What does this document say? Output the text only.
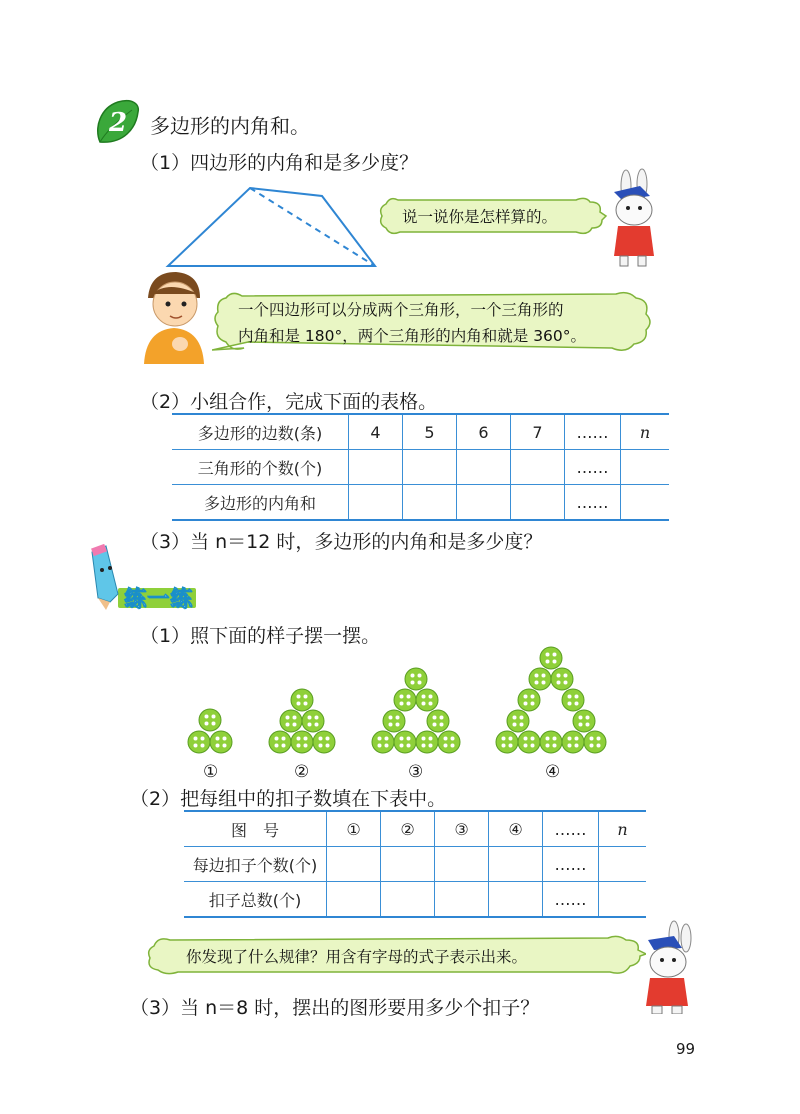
2 多边形的内角和。
（1）四边形的内角和是多少度？
说一说你是怎样算的。
一个四边形可以分成两个三角形，一个三角形的
内角和是 180°，两个三角形的内角和就是 360°。
（2）小组合作，完成下面的表格。
多边形的边数(条)	4	5	6	7	……	n
三角形的个数(个)					……	
多边形的内角和					……	
（3）当 n＝12 时，多边形的内角和是多少度？
练一练
（1）照下面的样子摆一摆。
①	②	③	④
（2）把每组中的扣子数填在下表中。
图　号	①	②	③	④	……	n
每边扣子个数(个)					……	
扣子总数(个)					……	
你发现了什么规律？用含有字母的式子表示出来。
（3）当 n＝8 时，摆出的图形要用多少个扣子？
99
